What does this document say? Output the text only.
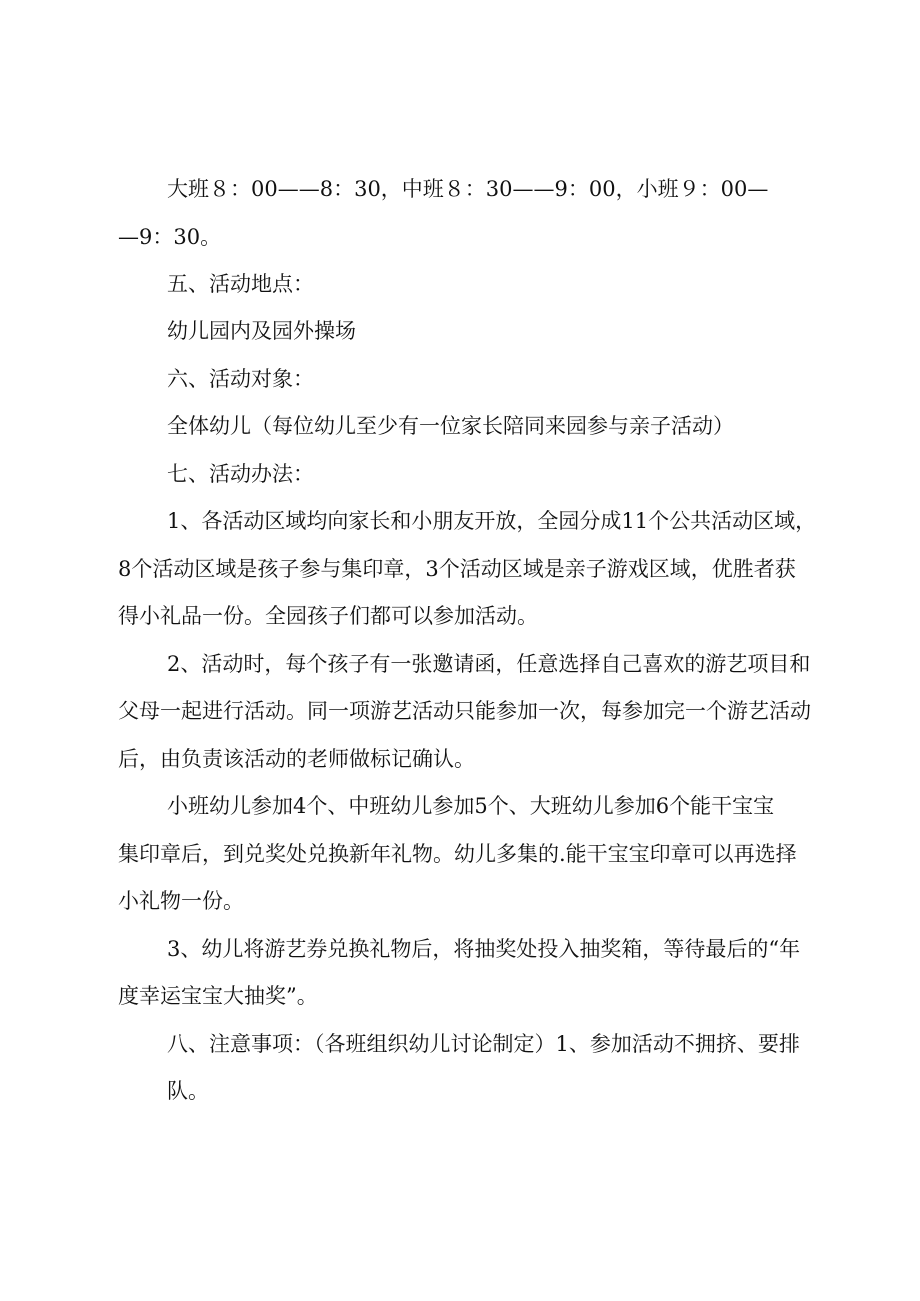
大班８：00——8：30，中班８：30——9：00，小班９：00—
—9：30。
五、活动地点：
幼儿园内及园外操场
六、活动对象：
全体幼儿（每位幼儿至少有一位家长陪同来园参与亲子活动）
七、活动办法：
1、各活动区域均向家长和小朋友开放，全园分成11个公共活动区域，
8个活动区域是孩子参与集印章，3个活动区域是亲子游戏区域，优胜者获
得小礼品一份。全园孩子们都可以参加活动。
2、活动时，每个孩子有一张邀请函，任意选择自己喜欢的游艺项目和
父母一起进行活动。同一项游艺活动只能参加一次，每参加完一个游艺活动
后，由负责该活动的老师做标记确认。
小班幼儿参加4个、中班幼儿参加5个、大班幼儿参加6个能干宝宝
集印章后，到兑奖处兑换新年礼物。幼儿多集的.能干宝宝印章可以再选择
小礼物一份。
3、幼儿将游艺券兑换礼物后，将抽奖处投入抽奖箱，等待最后的“年
度幸运宝宝大抽奖”。
八、注意事项：（各班组织幼儿讨论制定）1、参加活动不拥挤、要排
队。
